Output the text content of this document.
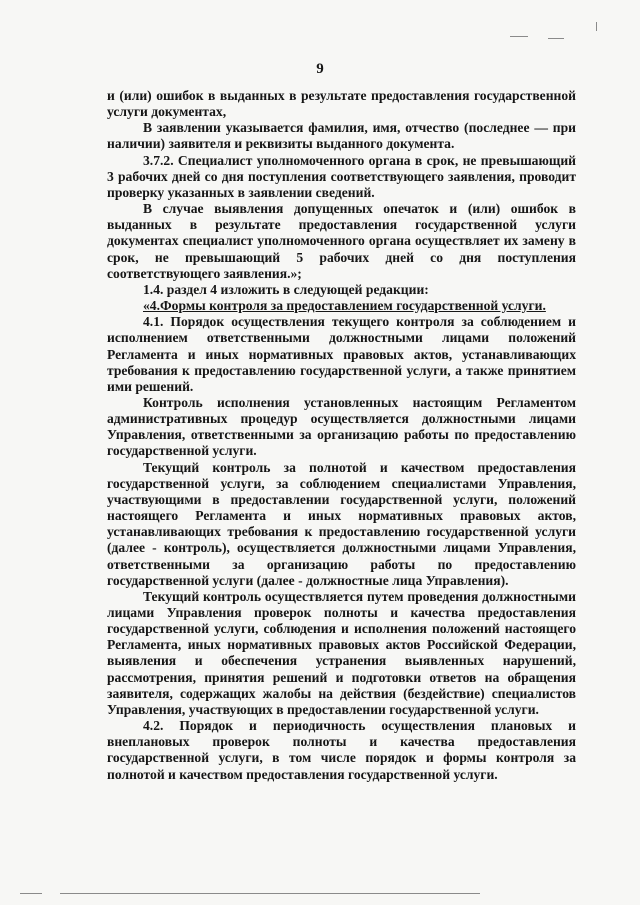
9

и (или) ошибок в выданных в результате предоставления государственной услуги документах,

В заявлении указывается фамилия, имя, отчество (последнее — при наличии) заявителя и реквизиты выданного документа.

3.7.2. Специалист уполномоченного органа в срок, не превышающий 3 рабочих дней со дня поступления соответствующего заявления, проводит проверку указанных в заявлении сведений.

В случае выявления допущенных опечаток и (или) ошибок в выданных в результате предоставления государственной услуги документах специалист уполномоченного органа осуществляет их замену в срок, не превышающий 5 рабочих дней со дня поступления соответствующего заявления.»;

1.4. раздел 4 изложить в следующей редакции:

«4.Формы контроля за предоставлением государственной услуги.

4.1. Порядок осуществления текущего контроля за соблюдением и исполнением ответственными должностными лицами положений Регламента и иных нормативных правовых актов, устанавливающих требования к предоставлению государственной услуги, а также принятием ими решений.

Контроль исполнения установленных настоящим Регламентом административных процедур осуществляется должностными лицами Управления, ответственными за организацию работы по предоставлению государственной услуги.

Текущий контроль за полнотой и качеством предоставления государственной услуги, за соблюдением специалистами Управления, участвующими в предоставлении государственной услуги, положений настоящего Регламента и иных нормативных правовых актов, устанавливающих требования к предоставлению государственной услуги (далее - контроль), осуществляется должностными лицами Управления, ответственными за организацию работы по предоставлению государственной услуги (далее - должностные лица Управления).

Текущий контроль осуществляется путем проведения должностными лицами Управления проверок полноты и качества предоставления государственной услуги, соблюдения и исполнения положений настоящего Регламента, иных нормативных правовых актов Российской Федерации, выявления и обеспечения устранения выявленных нарушений, рассмотрения, принятия решений и подготовки ответов на обращения заявителя, содержащих жалобы на действия (бездействие) специалистов Управления, участвующих в предоставлении государственной услуги.

4.2. Порядок и периодичность осуществления плановых и внеплановых проверок полноты и качества предоставления государственной услуги, в том числе порядок и формы контроля за полнотой и качеством предоставления государственной услуги.
